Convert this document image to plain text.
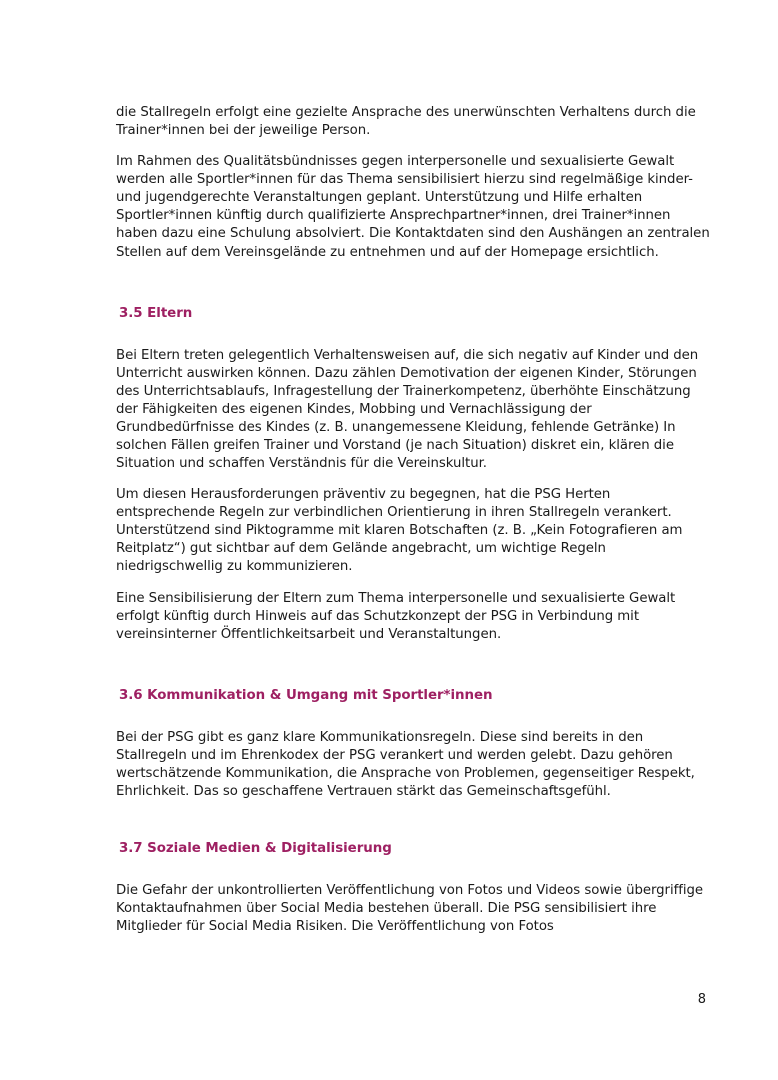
die Stallregeln erfolgt eine gezielte Ansprache des unerwünschten Verhaltens durch die Trainer*innen bei der jeweilige Person.

Im Rahmen des Qualitätsbündnisses gegen interpersonelle und sexualisierte Gewalt werden alle Sportler*innen für das Thema sensibilisiert hierzu sind regelmäßige kinder- und jugendgerechte Veranstaltungen geplant. Unterstützung und Hilfe erhalten Sportler*innen künftig durch qualifizierte Ansprechpartner*innen, drei Trainer*innen haben dazu eine Schulung absolviert. Die Kontaktdaten sind den Aushängen an zentralen Stellen auf dem Vereinsgelände zu entnehmen und auf der Homepage ersichtlich.

3.5 Eltern

Bei Eltern treten gelegentlich Verhaltensweisen auf, die sich negativ auf Kinder und den Unterricht auswirken können. Dazu zählen Demotivation der eigenen Kinder, Störungen des Unterrichtsablaufs, Infragestellung der Trainerkompetenz, überhöhte Einschätzung der Fähigkeiten des eigenen Kindes, Mobbing und Vernachlässigung der Grundbedürfnisse des Kindes (z. B. unangemessene Kleidung, fehlende Getränke) In solchen Fällen greifen Trainer und Vorstand (je nach Situation) diskret ein, klären die Situation und schaffen Verständnis für die Vereinskultur.

Um diesen Herausforderungen präventiv zu begegnen, hat die PSG Herten entsprechende Regeln zur verbindlichen Orientierung in ihren Stallregeln verankert. Unterstützend sind Piktogramme mit klaren Botschaften (z. B. „Kein Fotografieren am Reitplatz“) gut sichtbar auf dem Gelände angebracht, um wichtige Regeln niedrigschwellig zu kommunizieren.

Eine Sensibilisierung der Eltern zum Thema interpersonelle und sexualisierte Gewalt erfolgt künftig durch Hinweis auf das Schutzkonzept der PSG in Verbindung mit vereinsinterner Öffentlichkeitsarbeit und Veranstaltungen.

3.6 Kommunikation & Umgang mit Sportler*innen

Bei der PSG gibt es ganz klare Kommunikationsregeln. Diese sind bereits in den Stallregeln und im Ehrenkodex der PSG verankert und werden gelebt. Dazu gehören wertschätzende Kommunikation, die Ansprache von Problemen, gegenseitiger Respekt, Ehrlichkeit. Das so geschaffene Vertrauen stärkt das Gemeinschaftsgefühl.

3.7 Soziale Medien & Digitalisierung

Die Gefahr der unkontrollierten Veröffentlichung von Fotos und Videos sowie übergriffige Kontaktaufnahmen über Social Media bestehen überall. Die PSG sensibilisiert ihre Mitglieder für Social Media Risiken. Die Veröffentlichung von Fotos

8
